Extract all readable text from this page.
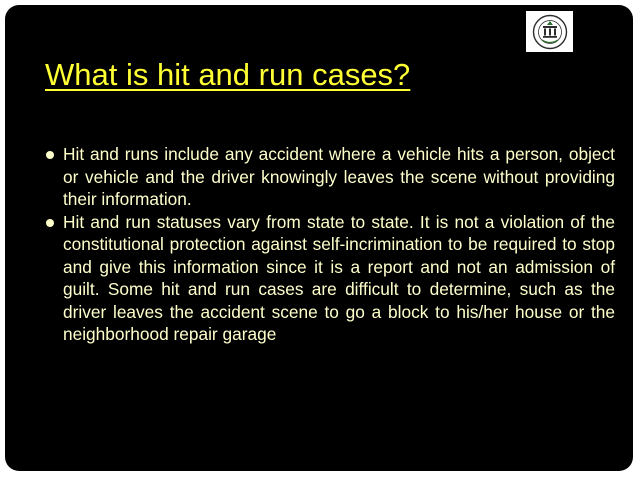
What is hit and run cases?
Hit and runs include any accident where a vehicle hits a person, object or vehicle and the driver knowingly leaves the scene without providing their information.
Hit and run statuses vary from state to state. It is not a violation of the constitutional protection against self-incrimination to be required to stop and give this information since it is a report and not an admission of guilt. Some hit and run cases are difficult to determine, such as the driver leaves the accident scene to go a block to his/her house or the neighborhood repair garage
